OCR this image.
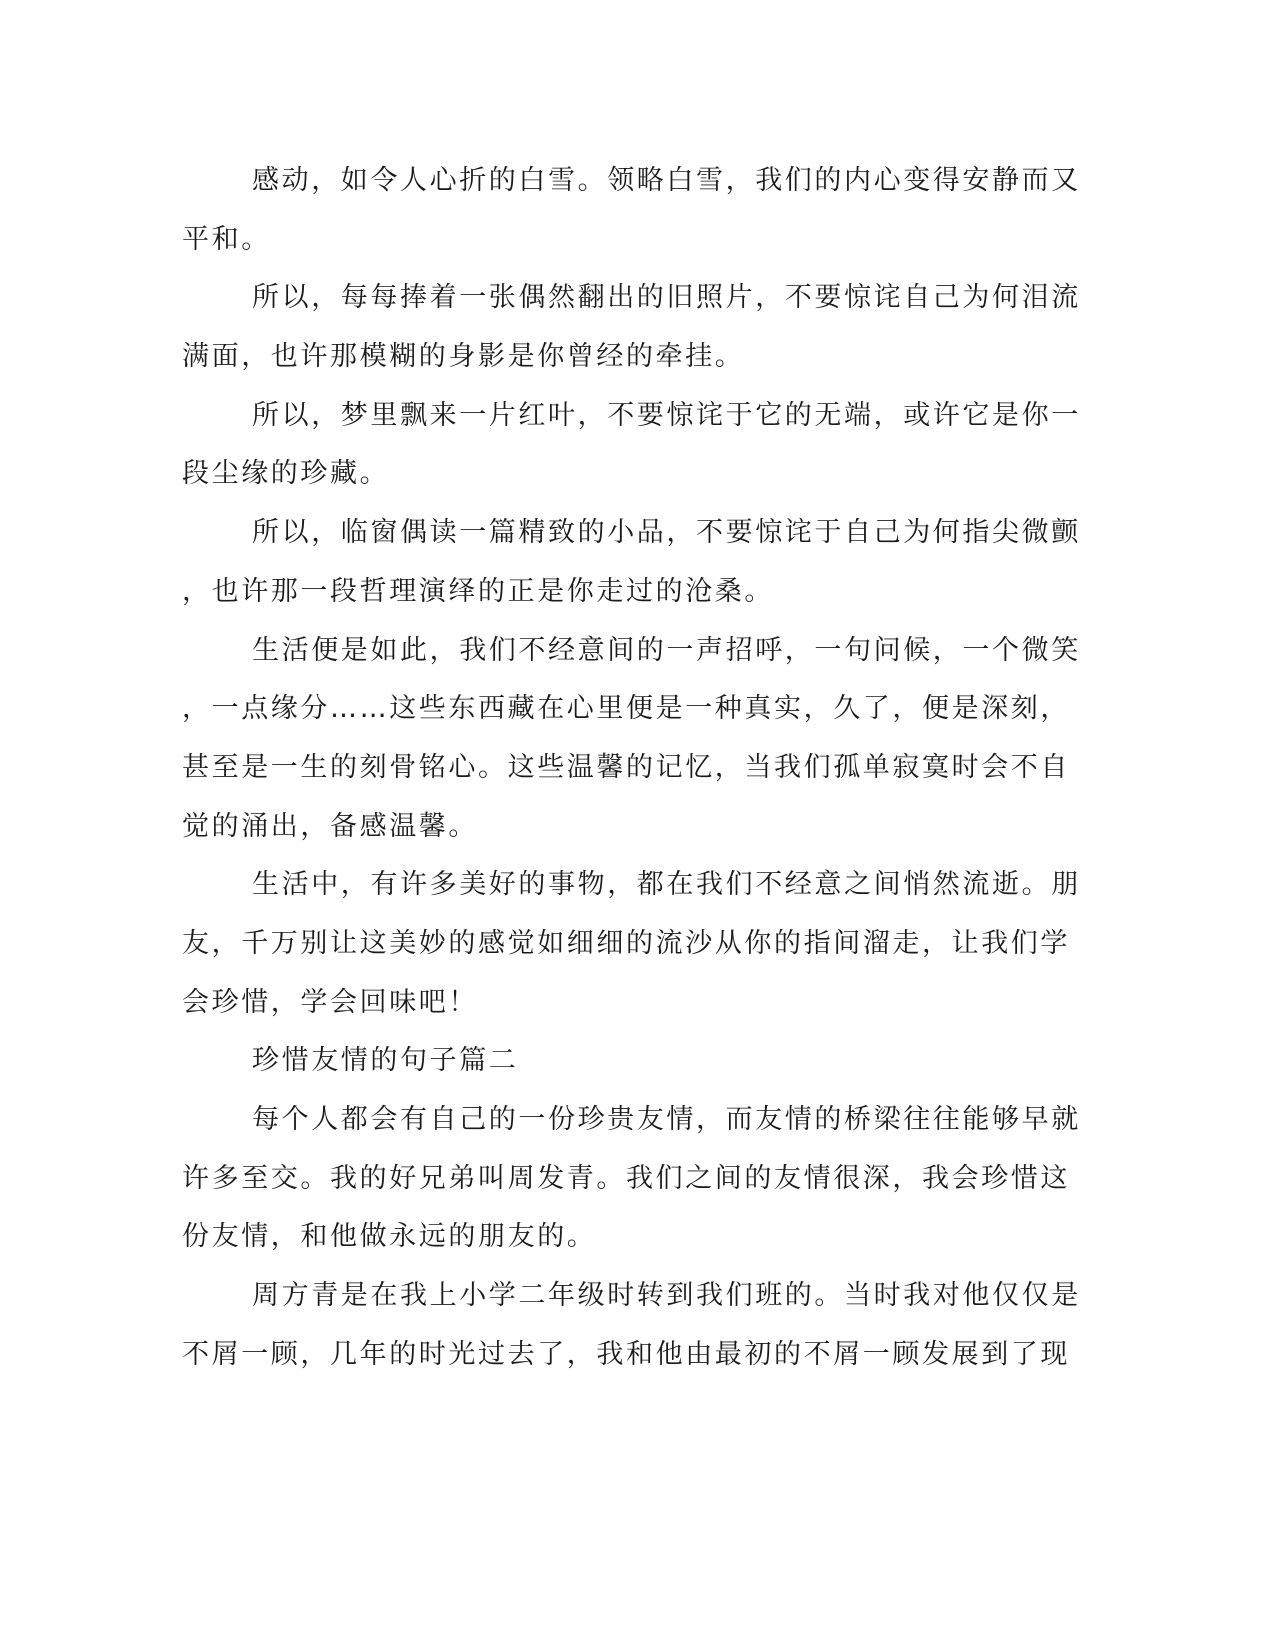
感动，如令人心折的白雪。领略白雪，我们的内心变得安静而又
平和。
所以，每每捧着一张偶然翻出的旧照片，不要惊诧自己为何泪流
满面，也许那模糊的身影是你曾经的牵挂。
所以，梦里飘来一片红叶，不要惊诧于它的无端，或许它是你一
段尘缘的珍藏。
所以，临窗偶读一篇精致的小品，不要惊诧于自己为何指尖微颤
，也许那一段哲理演绎的正是你走过的沧桑。
生活便是如此，我们不经意间的一声招呼，一句问候，一个微笑
，一点缘分……这些东西藏在心里便是一种真实，久了，便是深刻，
甚至是一生的刻骨铭心。这些温馨的记忆，当我们孤单寂寞时会不自
觉的涌出，备感温馨。
生活中，有许多美好的事物，都在我们不经意之间悄然流逝。朋
友，千万别让这美妙的感觉如细细的流沙从你的指间溜走，让我们学
会珍惜，学会回味吧！
珍惜友情的句子篇二
每个人都会有自己的一份珍贵友情，而友情的桥梁往往能够早就
许多至交。我的好兄弟叫周发青。我们之间的友情很深，我会珍惜这
份友情，和他做永远的朋友的。
周方青是在我上小学二年级时转到我们班的。当时我对他仅仅是
不屑一顾，几年的时光过去了，我和他由最初的不屑一顾发展到了现
